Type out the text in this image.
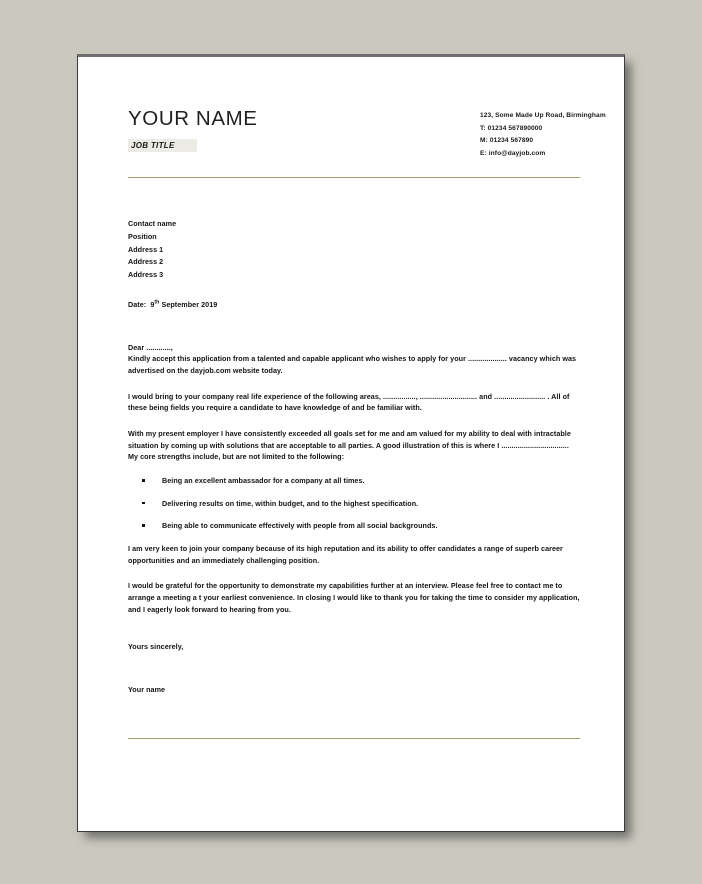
YOUR NAME
JOB TITLE
123, Some Made Up Road, Birmingham
T: 01234 567890000
M: 01234 567890
E: info@dayjob.com
Contact name
Position
Address 1
Address 2
Address 3
Date: 9th September 2019
Dear ............,

Kindly accept this application from a talented and capable applicant who wishes to apply for your ................... vacancy which was advertised on the dayjob.com website today.

I would bring to your company real life experience of the following areas, ................, ............................ and ......................... . All of these being fields you require a candidate to have knowledge of and be familiar with.

With my present employer I have consistently exceeded all goals set for me and am valued for my ability to deal with intractable situation by coming up with solutions that are acceptable to all parties. A good illustration of this is where I ................................. My core strengths include, but are not limited to the following:

Being an excellent ambassador for a company at all times.
Delivering results on time, within budget, and to the highest specification.
Being able to communicate effectively with people from all social backgrounds.

I am very keen to join your company because of its high reputation and its ability to offer candidates a range of superb career opportunities and an immediately challenging position.

I would be grateful for the opportunity to demonstrate my capabilities further at an interview. Please feel free to contact me to arrange a meeting a t your earliest convenience. In closing I would like to thank you for taking the time to consider my application, and I eagerly look forward to hearing from you.

Yours sincerely,
Your name
